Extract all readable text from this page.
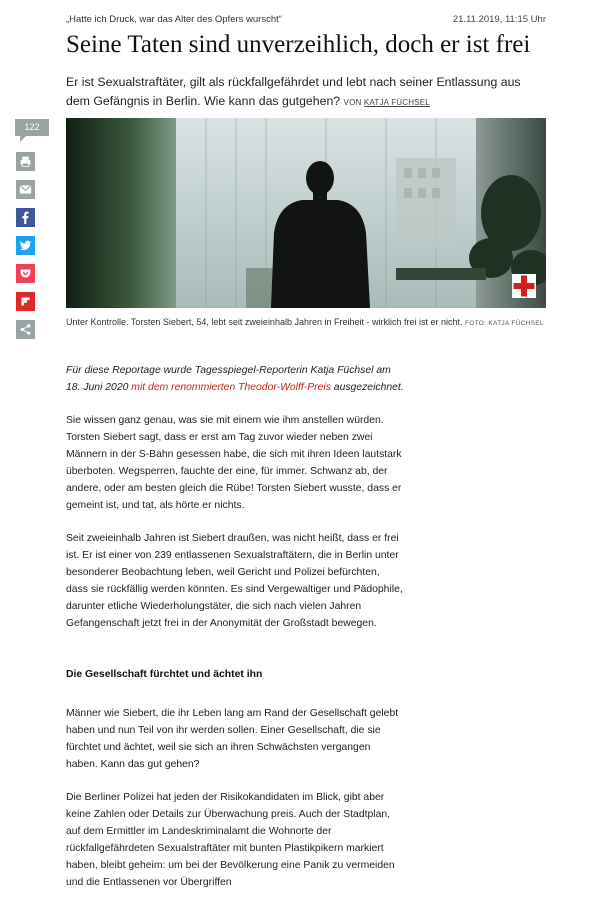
„Hatte ich Druck, war das Alter des Opfers wurscht“	21.11.2019, 11:15 Uhr
Seine Taten sind unverzeihlich, doch er ist frei
Er ist Sexualstraftäter, gilt als rückfallgefährdet und lebt nach seiner Entlassung aus dem Gefängnis in Berlin. Wie kann das gutgehen? VON KATJA FÜCHSEL
122
Unter Kontrolle. Torsten Siebert, 54, lebt seit zweieinhalb Jahren in Freiheit - wirklich frei ist er nicht. FOTO: KATJA FÜCHSEL

Für diese Reportage wurde Tagesspiegel-Reporterin Katja Füchsel am 18. Juni 2020 mit dem renommierten Theodor-Wolff-Preis ausgezeichnet.

Sie wissen ganz genau, was sie mit einem wie ihm anstellen würden. Torsten Siebert sagt, dass er erst am Tag zuvor wieder neben zwei Männern in der S-Bahn gesessen habe, die sich mit ihren Ideen lautstark überboten. Wegsperren, fauchte der eine, für immer. Schwanz ab, der andere, oder am besten gleich die Rübe! Torsten Siebert wusste, dass er gemeint ist, und tat, als hörte er nichts.

Seit zweieinhalb Jahren ist Siebert draußen, was nicht heißt, dass er frei ist. Er ist einer von 239 entlassenen Sexualstraftätern, die in Berlin unter besonderer Beobachtung leben, weil Gericht und Polizei befürchten, dass sie rückfällig werden könnten. Es sind Vergewaltiger und Pädophile, darunter etliche Wiederholungstäter, die sich nach vielen Jahren Gefangenschaft jetzt frei in der Anonymität der Großstadt bewegen.

Die Gesellschaft fürchtet und ächtet ihn

Männer wie Siebert, die ihr Leben lang am Rand der Gesellschaft gelebt haben und nun Teil von ihr werden sollen. Einer Gesellschaft, die sie fürchtet und ächtet, weil sie sich an ihren Schwächsten vergangen haben. Kann das gut gehen?

Die Berliner Polizei hat jeden der Risikokandidaten im Blick, gibt aber keine Zahlen oder Details zur Überwachung preis. Auch der Stadtplan, auf dem Ermittler im Landeskriminalamt die Wohnorte der rückfallgefährdeten Sexualstraftäter mit bunten Plastikpikern markiert haben, bleibt geheim: um bei der Bevölkerung eine Panik zu vermeiden und die Entlassenen vor Übergriffen
